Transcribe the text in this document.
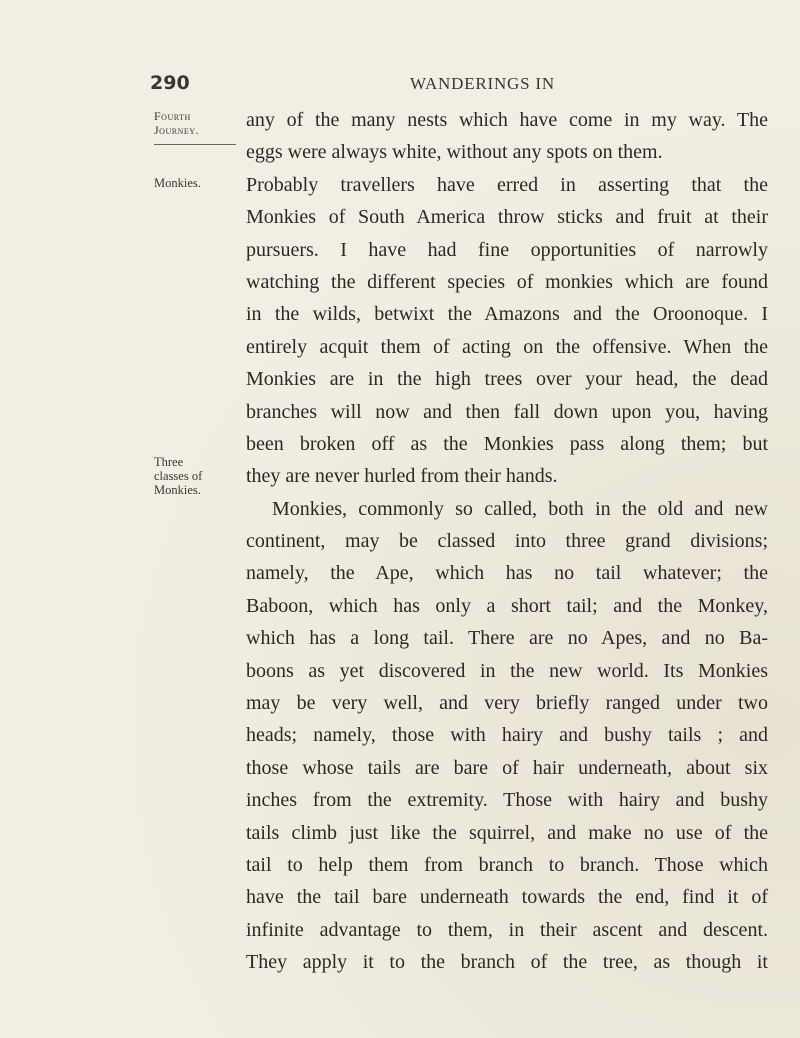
290	WANDERINGS IN
Fourth
Journey.
Monkies.
Three
classes of
Monkies.
any of the many nests which have come in my way. The
eggs were always white, without any spots on them.
Probably travellers have erred in asserting that the
Monkies of South America throw sticks and fruit at their
pursuers. I have had fine opportunities of narrowly
watching the different species of monkies which are found
in the wilds, betwixt the Amazons and the Oroonoque. I
entirely acquit them of acting on the offensive. When the
Monkies are in the high trees over your head, the dead
branches will now and then fall down upon you, having
been broken off as the Monkies pass along them; but
they are never hurled from their hands.
Monkies, commonly so called, both in the old and new
continent, may be classed into three grand divisions;
namely, the Ape, which has no tail whatever; the
Baboon, which has only a short tail; and the Monkey,
which has a long tail. There are no Apes, and no Ba-
boons as yet discovered in the new world. Its Monkies
may be very well, and very briefly ranged under two
heads; namely, those with hairy and bushy tails ; and
those whose tails are bare of hair underneath, about six
inches from the extremity. Those with hairy and bushy
tails climb just like the squirrel, and make no use of the
tail to help them from branch to branch. Those which
have the tail bare underneath towards the end, find it of
infinite advantage to them, in their ascent and descent.
They apply it to the branch of the tree, as though it
